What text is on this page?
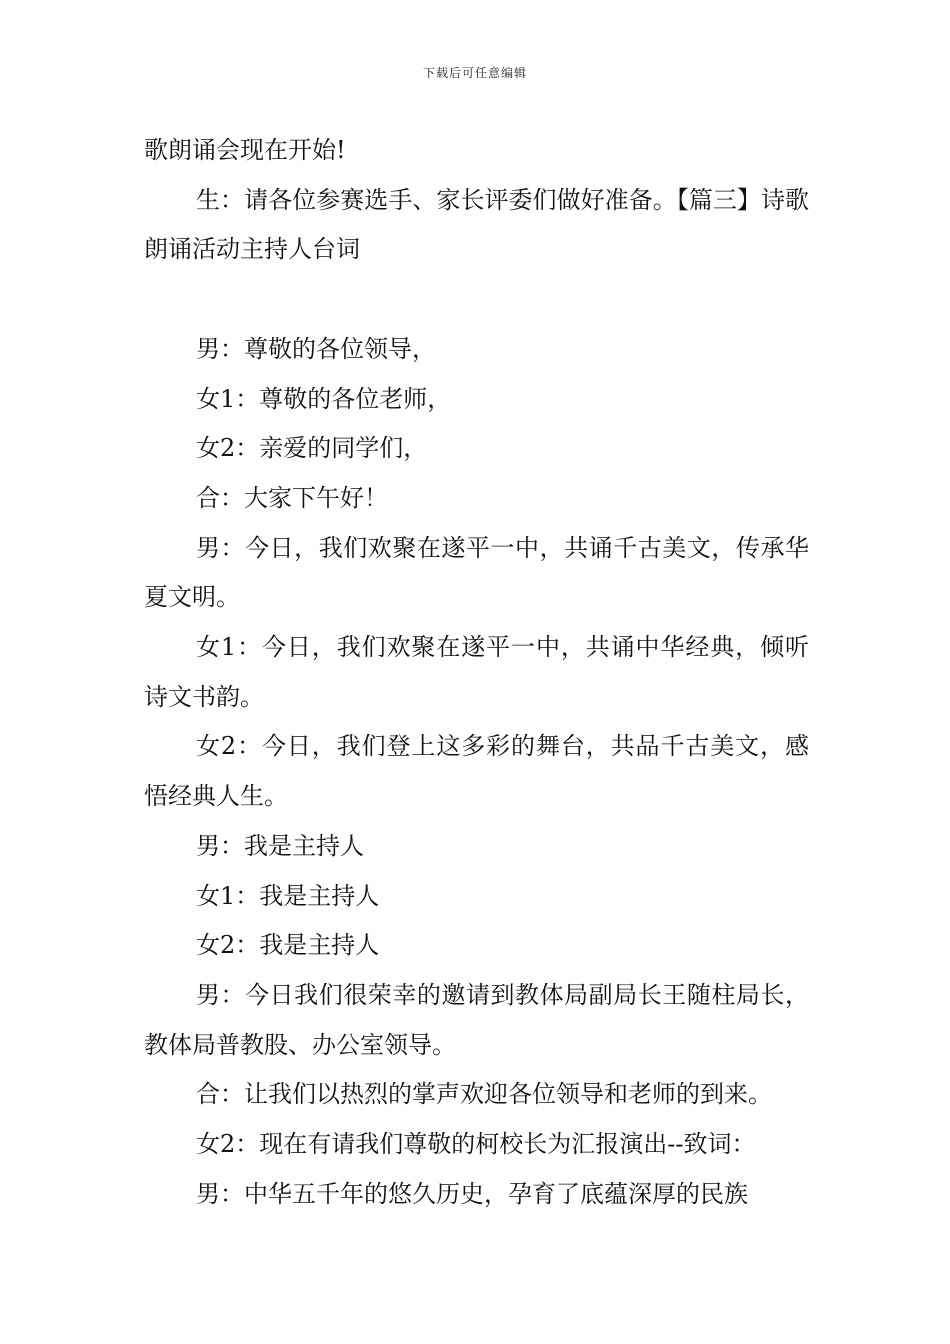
下载后可任意编辑

歌朗诵会现在开始!

生：请各位参赛选手、家长评委们做好准备。【篇三】诗歌朗诵活动主持人台词

男：尊敬的各位领导，

女1：尊敬的各位老师，

女2：亲爱的同学们，

合：大家下午好！

男：今日，我们欢聚在遂平一中，共诵千古美文，传承华夏文明。

女1：今日，我们欢聚在遂平一中，共诵中华经典，倾听诗文书韵。

女2：今日，我们登上这多彩的舞台，共品千古美文，感悟经典人生。

男：我是主持人

女1：我是主持人

女2：我是主持人

男：今日我们很荣幸的邀请到教体局副局长王随柱局长，教体局普教股、办公室领导。

合：让我们以热烈的掌声欢迎各位领导和老师的到来。

女2：现在有请我们尊敬的柯校长为汇报演出--致词：

男：中华五千年的悠久历史，孕育了底蕴深厚的民族
